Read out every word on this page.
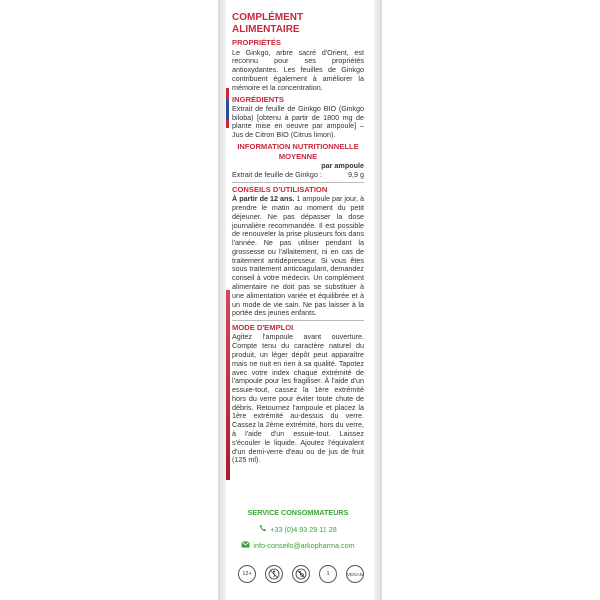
COMPLÉMENT ALIMENTAIRE
PROPRIÉTÉS

Le Ginkgo, arbre sacré d'Orient, est reconnu pour ses propriétés antioxydantes. Les feuilles de Ginkgo contribuent également à améliorer la mémoire et la concentration.

INGRÉDIENTS

Extrait de feuille de Ginkgo BIO (Ginkgo biloba) [obtenu à partir de 1800 mg de plante mise en oeuvre par ampoule] – Jus de Citron BIO (Citrus limon).

INFORMATION NUTRITIONNELLE
MOYENNE
par ampoule
Extrait de feuille de Ginkgo :	9,9 g
CONSEILS D'UTILISATION

À partir de 12 ans. 1 ampoule par jour, à prendre le matin au moment du petit déjeuner. Ne pas dépasser la dose journalière recommandée. Il est possible de renouveler la prise plusieurs fois dans l'année. Ne pas utiliser pendant la grossesse ou l'allaitement, ni en cas de traitement antidépresseur. Si vous êtes sous traitement anticoagulant, demandez conseil à votre médecin. Un complément alimentaire ne doit pas se substituer à une alimentation variée et équilibrée et à un mode de vie sain. Ne pas laisser à la portée des jeunes enfants.

MODE D'EMPLOI

Agitez l'ampoule avant ouverture. Compte tenu du caractère naturel du produit, un léger dépôt peut apparaître mais ne nuit en rien à sa qualité. Tapotez avec votre index chaque extrémité de l'ampoule pour les fragiliser. À l'aide d'un essuie-tout, cassez la 1ère extrémité hors du verre pour éviter toute chute de débris. Retournez l'ampoule et placez la 1ère extrémité au-dessus du verre. Cassez la 2ème extrémité, hors du verre, à l'aide d'un essuie-tout. Laissez s'écouler le liquide. Ajoutez l'équivalent d'un demi-verre d'eau ou de jus de fruit (125 ml).

SERVICE CONSOMMATEURS
+33 (0)4 93 29 11 28
info-conseils@arkopharma.com
12+	1	VEGAN
